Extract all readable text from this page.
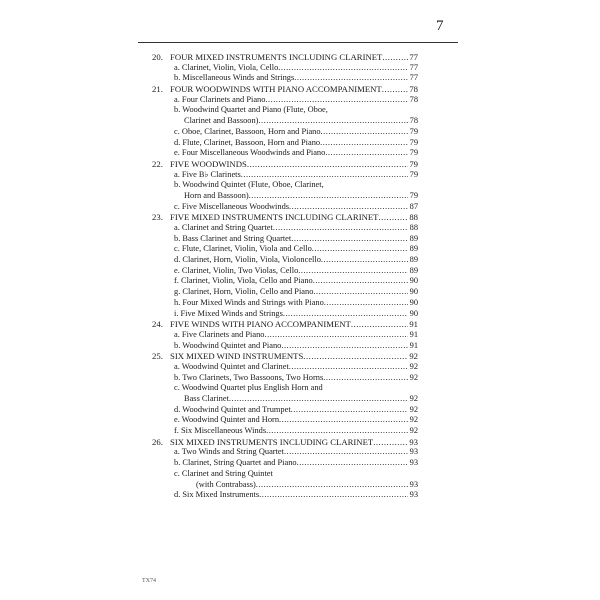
7
20. FOUR MIXED INSTRUMENTS INCLUDING CLARINET .....	77
a. Clarinet, Violin, Viola, Cello .....	77
b. Miscellaneous Winds and Strings .....	77
21. FOUR WOODWINDS WITH PIANO ACCOMPANIMENT .....	78
a. Four Clarinets and Piano .....	78
b. Woodwind Quartet and Piano (Flute, Oboe,
Clarinet and Bassoon) .....	78
c. Oboe, Clarinet, Bassoon, Horn and Piano .....	79
d. Flute, Clarinet, Bassoon, Horn and Piano .....	79
e. Four Miscellaneous Woodwinds and Piano .....	79
22. FIVE WOODWINDS .....	79
a. Five B♭ Clarinets .....	79
b. Woodwind Quintet (Flute, Oboe, Clarinet,
Horn and Bassoon) .....	79
c. Five Miscellaneous Woodwinds .....	87
23. FIVE MIXED INSTRUMENTS INCLUDING CLARINET .....	88
a. Clarinet and String Quartet .....	88
b. Bass Clarinet and String Quartet .....	89
c. Flute, Clarinet, Violin, Viola and Cello .....	89
d. Clarinet, Horn, Violin, Viola, Violoncello .....	89
e. Clarinet, Violin, Two Violas, Cello .....	89
f. Clarinet, Violin, Viola, Cello and Piano .....	90
g. Clarinet, Horn, Violin, Cello and Piano .....	90
h. Four Mixed Winds and Strings with Piano .....	90
i. Five Mixed Winds and Strings .....	90
24. FIVE WINDS WITH PIANO ACCOMPANIMENT .....	91
a. Five Clarinets and Piano .....	91
b. Woodwind Quintet and Piano .....	91
25. SIX MIXED WIND INSTRUMENTS .....	92
a. Woodwind Quintet and Clarinet .....	92
b. Two Clarinets, Two Bassoons, Two Horns .....	92
c. Woodwind Quartet plus English Horn and
Bass Clarinet .....	92
d. Woodwind Quintet and Trumpet .....	92
e. Woodwind Quintet and Horn .....	92
f. Six Miscellaneous Winds .....	92
26. SIX MIXED INSTRUMENTS INCLUDING CLARINET .....	93
a. Two Winds and String Quartet .....	93
b. Clarinet, String Quartet and Piano .....	93
c. Clarinet and String Quintet
(with Contrabass) .....	93
d. Six Mixed Instruments .....	93
TX74
